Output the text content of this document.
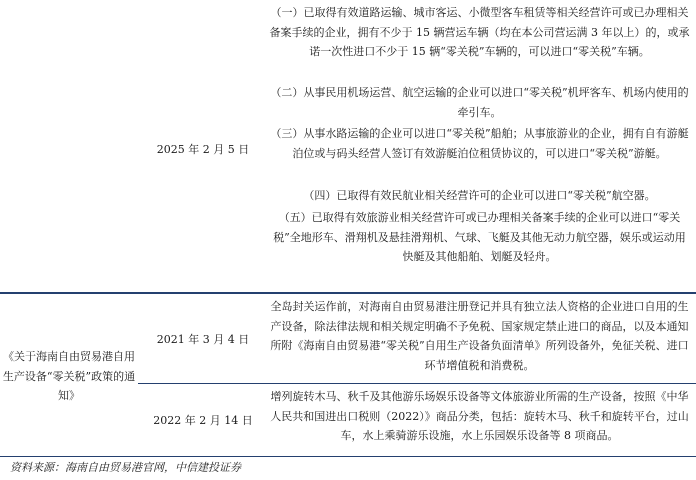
2025 年 2 月 5 日

（一）已取得有效道路运输、城市客运、小微型客车租赁等相关经营许可或已办理相关备案手续的企业，拥有不少于 15 辆营运车辆（均在本公司营运满 3 年以上）的，或承诺一次性进口不少于 15 辆“零关税”车辆的，可以进口“零关税”车辆。

（二）从事民用机场运营、航空运输的企业可以进口“零关税”机坪客车、机场内使用的牵引车。

（三）从事水路运输的企业可以进口“零关税”船舶；从事旅游业的企业，拥有自有游艇泊位或与码头经营人签订有效游艇泊位租赁协议的，可以进口“零关税”游艇。

（四）已取得有效民航业相关经营许可的企业可以进口“零关税”航空器。

（五）已取得有效旅游业相关经营许可或已办理相关备案手续的企业可以进口“零关税”全地形车、滑翔机及悬挂滑翔机、气球、飞艇及其他无动力航空器，娱乐或运动用快艇及其他船舶、划艇及轻舟。

《关于海南自由贸易港自用生产设备“零关税”政策的通知》
2021 年 3 月 4 日

全岛封关运作前，对海南自由贸易港注册登记并具有独立法人资格的企业进口自用的生产设备，除法律法规和相关规定明确不予免税、国家规定禁止进口的商品，以及本通知所附《海南自由贸易港“零关税”自用生产设备负面清单》所列设备外，免征关税、进口环节增值税和消费税。

2022 年 2 月 14 日

增列旋转木马、秋千及其他游乐场娱乐设备等文体旅游业所需的生产设备，按照《中华人民共和国进出口税则（2022）》商品分类，包括：旋转木马、秋千和旋转平台，过山车，水上乘骑游乐设施，水上乐园娱乐设备等 8 项商品。

资料来源：海南自由贸易港官网，中信建投证券
